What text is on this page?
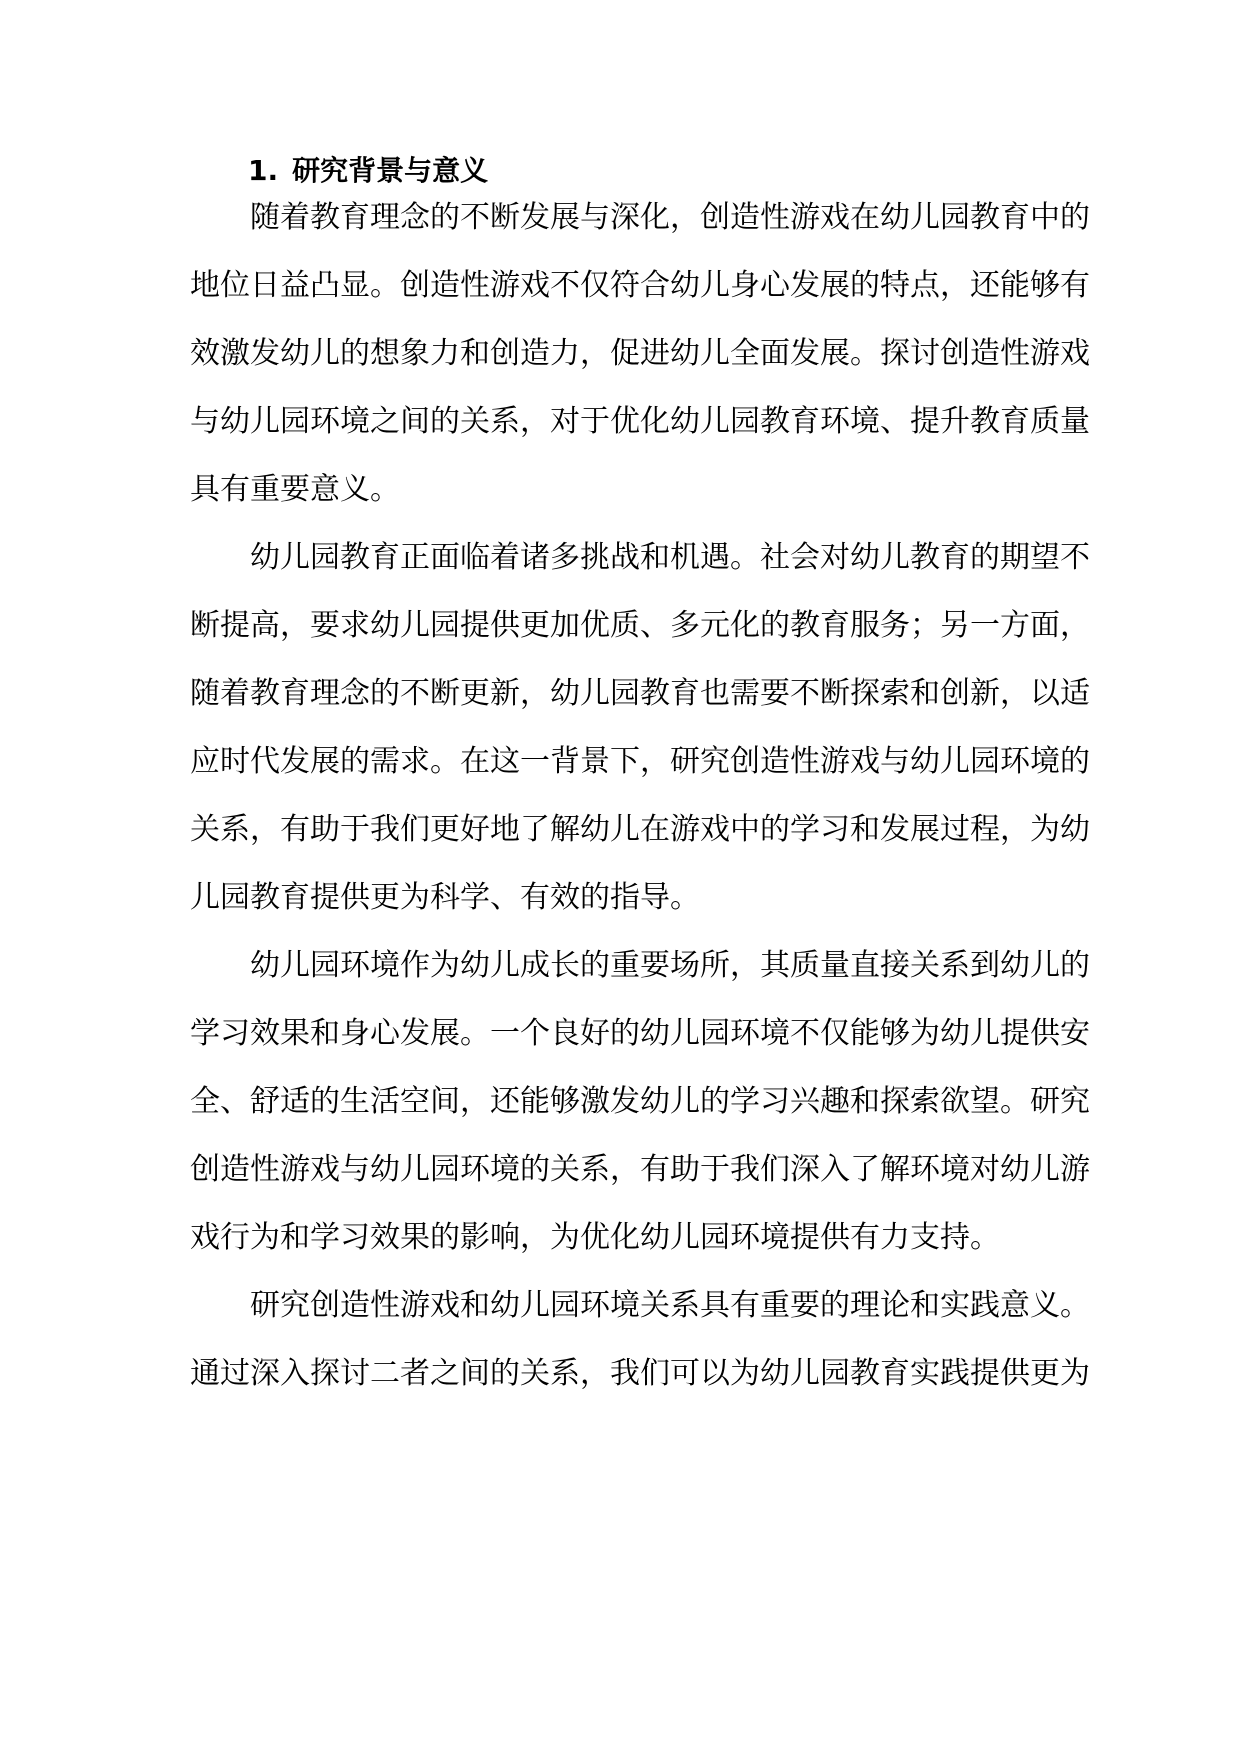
1. 研究背景与意义

随着教育理念的不断发展与深化，创造性游戏在幼儿园教育中的

地位日益凸显。创造性游戏不仅符合幼儿身心发展的特点，还能够有

效激发幼儿的想象力和创造力，促进幼儿全面发展。探讨创造性游戏

与幼儿园环境之间的关系，对于优化幼儿园教育环境、提升教育质量

具有重要意义。

幼儿园教育正面临着诸多挑战和机遇。社会对幼儿教育的期望不

断提高，要求幼儿园提供更加优质、多元化的教育服务；另一方面，

随着教育理念的不断更新，幼儿园教育也需要不断探索和创新，以适

应时代发展的需求。在这一背景下，研究创造性游戏与幼儿园环境的

关系，有助于我们更好地了解幼儿在游戏中的学习和发展过程，为幼

儿园教育提供更为科学、有效的指导。

幼儿园环境作为幼儿成长的重要场所，其质量直接关系到幼儿的

学习效果和身心发展。一个良好的幼儿园环境不仅能够为幼儿提供安

全、舒适的生活空间，还能够激发幼儿的学习兴趣和探索欲望。研究

创造性游戏与幼儿园环境的关系，有助于我们深入了解环境对幼儿游

戏行为和学习效果的影响，为优化幼儿园环境提供有力支持。

研究创造性游戏和幼儿园环境关系具有重要的理论和实践意义。

通过深入探讨二者之间的关系，我们可以为幼儿园教育实践提供更为
